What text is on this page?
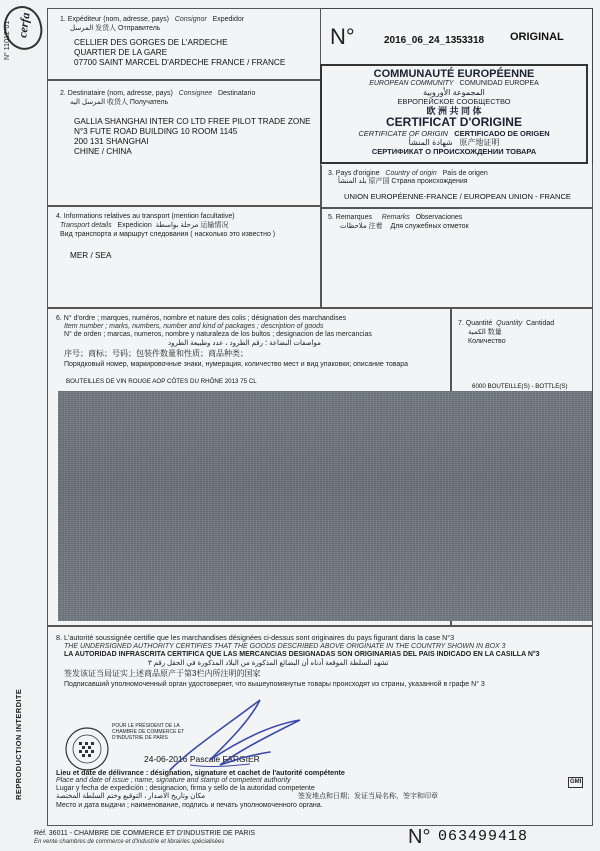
cerfa
N° 11012*01
REPRODUCTION INTERDITE
1. Expéditeur (nom, adresse, pays) Consignor Expedidor
المرسل 发货人 Отправитель
CELLIER DES GORGES DE L'ARDECHE
QUARTIER DE LA GARE
07700 SAINT MARCEL D'ARDECHE FRANCE / FRANCE
N°	2016_06_24_1353318 ORIGINAL
2. Destinataire (nom, adresse, pays) Consignee Destinatario
المرسل اليه 收货人 Получатель
GALLIA SHANGHAI INTER CO LTD FREE PILOT TRADE ZONE
N°3 FUTE ROAD BUILDING 10 ROOM 1145
200 131 SHANGHAI
CHINE / CHINA
COMMUNAUTÉ EUROPÉENNE
EUROPEAN COMMUNITY COMUNIDAD EUROPEA
المجموعة الأوروبية
ЕВРОПЕЙСКОЕ СООБЩЕСТВО
欧 洲 共 同 体
CERTIFICAT D'ORIGINE
CERTIFICATE OF ORIGIN CERTIFICADO DE ORIGEN
شهادة المنشأ 原产地证明
СЕРТИФИКАТ О ПРОИСХОЖДЕНИИ ТОВАРА
3. Pays d'origine Country of origin País de origen
بلد المنشأ 原产国 Страна происхождения
UNION EUROPÉENNE-FRANCE / EUROPEAN UNION - FRANCE
4. Informations relatives au transport (mention facultative)
Transport details Expedicion مرحلة بواسطة 运输情况
Вид транспорта и маршрут следования ( насколько это известно )
MER / SEA
5. Remarques Remarks Observaciones
ملاحظات 注着 Для служебных отметок
6. N° d'ordre ; marques, numéros, nombre et nature des colis ; désignation des marchandises
Item number ; marks, numbers, number and kind of packages ; description of goods
N° de orden ; marcas, numeros, nombre y naturaleza de los bultos ; designacion de las mercancias
مواصفات البضاعة ؛ رقم الطرود ، عدد وطبيعة الطرود
序号；商标；号码；包装件数量和性质；商品种类；
Порядковый номер, маркировочные знаки, нумерация, количество мест и вид упаковки; описание товара
BOUTEILLES DE VIN ROUGE AOP CÔTES DU RHÔNE 2013 75 CL
7. Quantité Quantity Cantidad
الكمية 数量
Количество
6000 BOUTEILLE(S) - BOTTLE(S)
8. L'autorité soussignée certifie que les marchandises désignées ci-dessus sont originaires du pays figurant dans la case N°3
THE UNDERSIGNED AUTHORITY CERTIFIES THAT THE GOODS DESCRIBED ABOVE ORIGINATE IN THE COUNTRY SHOWN IN BOX 3
LA AUTORIDAD INFRASCRITA CERTIFICA QUE LAS MERCANCIAS DESIGNADAS SON ORIGINARIAS DEL PAIS INDICADO EN LA CASILLA N°3
تشهد السلطة الموقعة أدناه أن البضائع المذكورة من البلاد المذكورة في الحقل رقم ٣
签发该证当局证实上述商品原产于第3栏内所注明的国家
Подписавший уполномоченный орган удостоверяет, что вышеупомянутые товары происходят из страны, указанной в графе N° 3
POUR LE PRÉSIDENT DE LA CHAMBRE DE COMMERCE ET D'INDUSTRIE DE PARIS
24-06-2016 Pascale FARGIER
Lieu et date de délivrance : désignation, signature et cachet de l'autorité compétente
Place and date of issue ; name, signature and stamp of competent authority
Lugar y fecha de expedición ; designacion, firma y sello de la autoridad competente
签发地点和日期；发证当局名称，签字和印章
مكان وتاريخ الاصدار ، التوقيع وختم السلطة المختصة
Место и дата выдачи ; наименование, подпись и печать уполномоченного органа.
GMI
Réf. 36011 - CHAMBRE DE COMMERCE ET D'INDUSTRIE DE PARIS
En vente chambres de commerce et d'industrie et librairies spécialisées	N° 063499418
